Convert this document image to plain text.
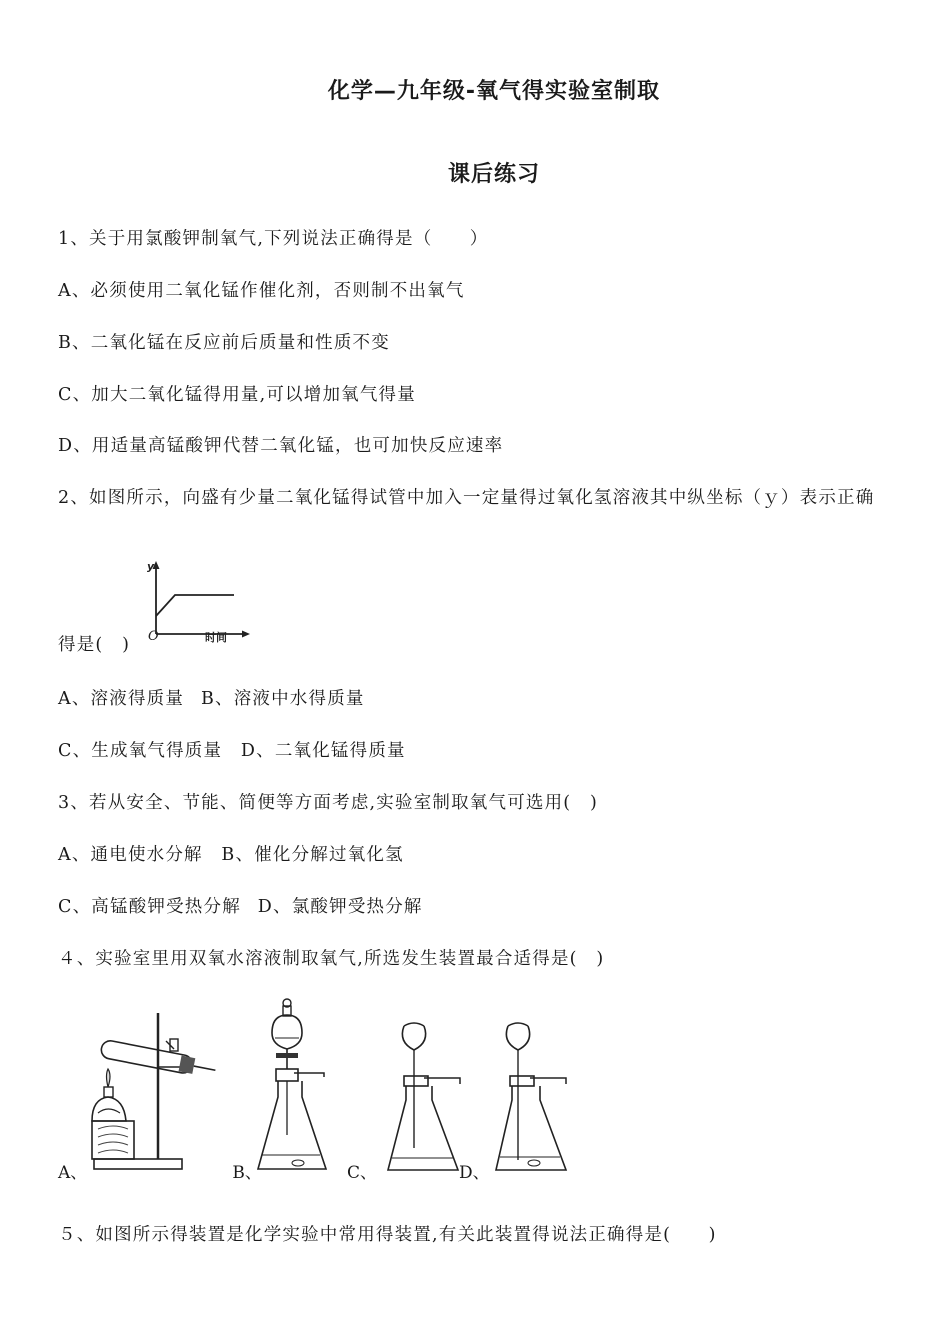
化学—九年级-氧气得实验室制取
课后练习
1、关于用氯酸钾制氧气,下列说法正确得是（　　）
A、必须使用二氧化锰作催化剂，否则制不出氧气
B、二氧化锰在反应前后质量和性质不变
C、加大二氧化锰得用量,可以增加氧气得量
D、用适量高锰酸钾代替二氧化锰，也可加快反应速率
2、如图所示，向盛有少量二氧化锰得试管中加入一定量得过氧化氢溶液其中纵坐标（ｙ）表示正确
y
O	时间
得是(　)
A、溶液得质量ﾠB、溶液中水得质量
C、生成氧气得质量　D、二氧化锰得质量
3、若从安全、节能、简便等方面考虑,实验室制取氧气可选用(　)
A、通电使水分解　B、催化分解过氧化氢
C、高锰酸钾受热分解ﾠD、氯酸钾受热分解
４、实验室里用双氧水溶液制取氧气,所选发生装置最合适得是(　)
A、	ﾠB、	C、	D、
５、如图所示得装置是化学实验中常用得装置,有关此装置得说法正确得是(　　)
